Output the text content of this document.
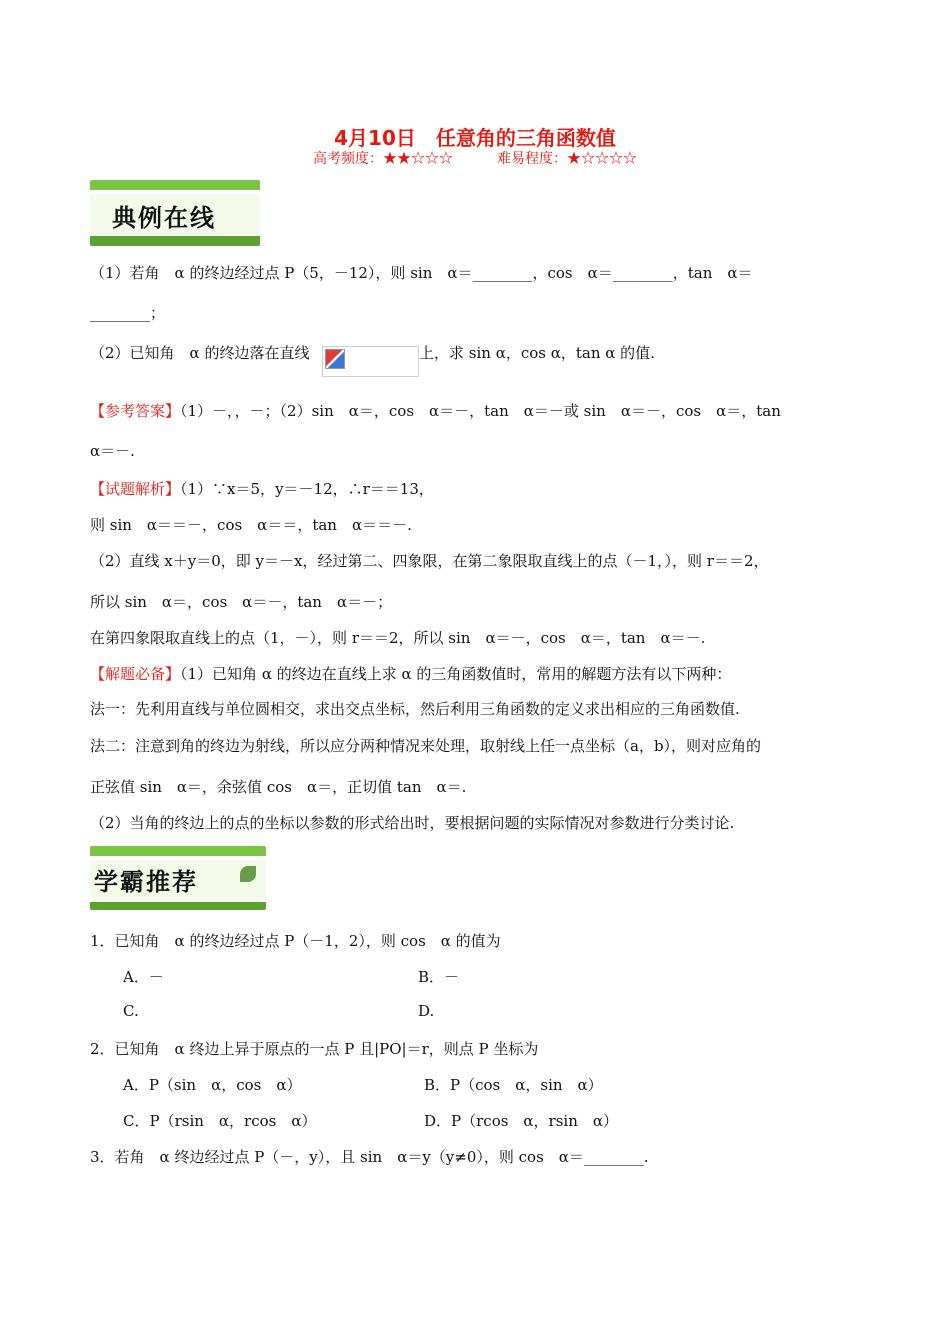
4月10日　任意角的三角函数值
高考频度：★★☆☆☆	难易程度：★☆☆☆☆
典例在线
（1）若角　α 的终边经过点 P（5，－12），则 sin　α＝________，cos　α＝________，tan　α＝
________；
（2）已知角　α 的终边落在直线	上，求 sin α，cos α，tan α 的值.
【参考答案】（1）－，，－；（2）sin　α＝，cos　α＝－，tan　α＝－或 sin　α＝－，cos　α＝，tan
α＝－.
【试题解析】（1）∵x＝5，y＝－12，∴r＝＝13，
则 sin　α＝＝－，cos　α＝＝，tan　α＝＝－.
（2）直线 x＋y＝0，即 y＝－x，经过第二、四象限，在第二象限取直线上的点（－1，），则 r＝＝2，
所以 sin　α＝，cos　α＝－，tan　α＝－；
在第四象限取直线上的点（1，－），则 r＝＝2，所以 sin　α＝－，cos　α＝，tan　α＝－.
【解题必备】（1）已知角 α 的终边在直线上求 α 的三角函数值时，常用的解题方法有以下两种：
法一：先利用直线与单位圆相交，求出交点坐标，然后利用三角函数的定义求出相应的三角函数值.
法二：注意到角的终边为射线，所以应分两种情况来处理，取射线上任一点坐标（a，b），则对应角的
正弦值 sin　α＝，余弦值 cos　α＝，正切值 tan　α＝.
（2）当角的终边上的点的坐标以参数的形式给出时，要根据问题的实际情况对参数进行分类讨论.
学霸推荐
1．已知角　α 的终边经过点 P（－1，2），则 cos　α 的值为
A．－	B．－
C.	D.
2．已知角　α 终边上异于原点的一点 P 且|PO|＝r，则点 P 坐标为
A．P（sin　α，cos　α）	B．P（cos　α，sin　α）
C．P（rsin　α，rcos　α）	D．P（rcos　α，rsin　α）
3．若角　α 终边经过点 P（－，y），且 sin　α＝y（y≠0），则 cos　α＝________.
